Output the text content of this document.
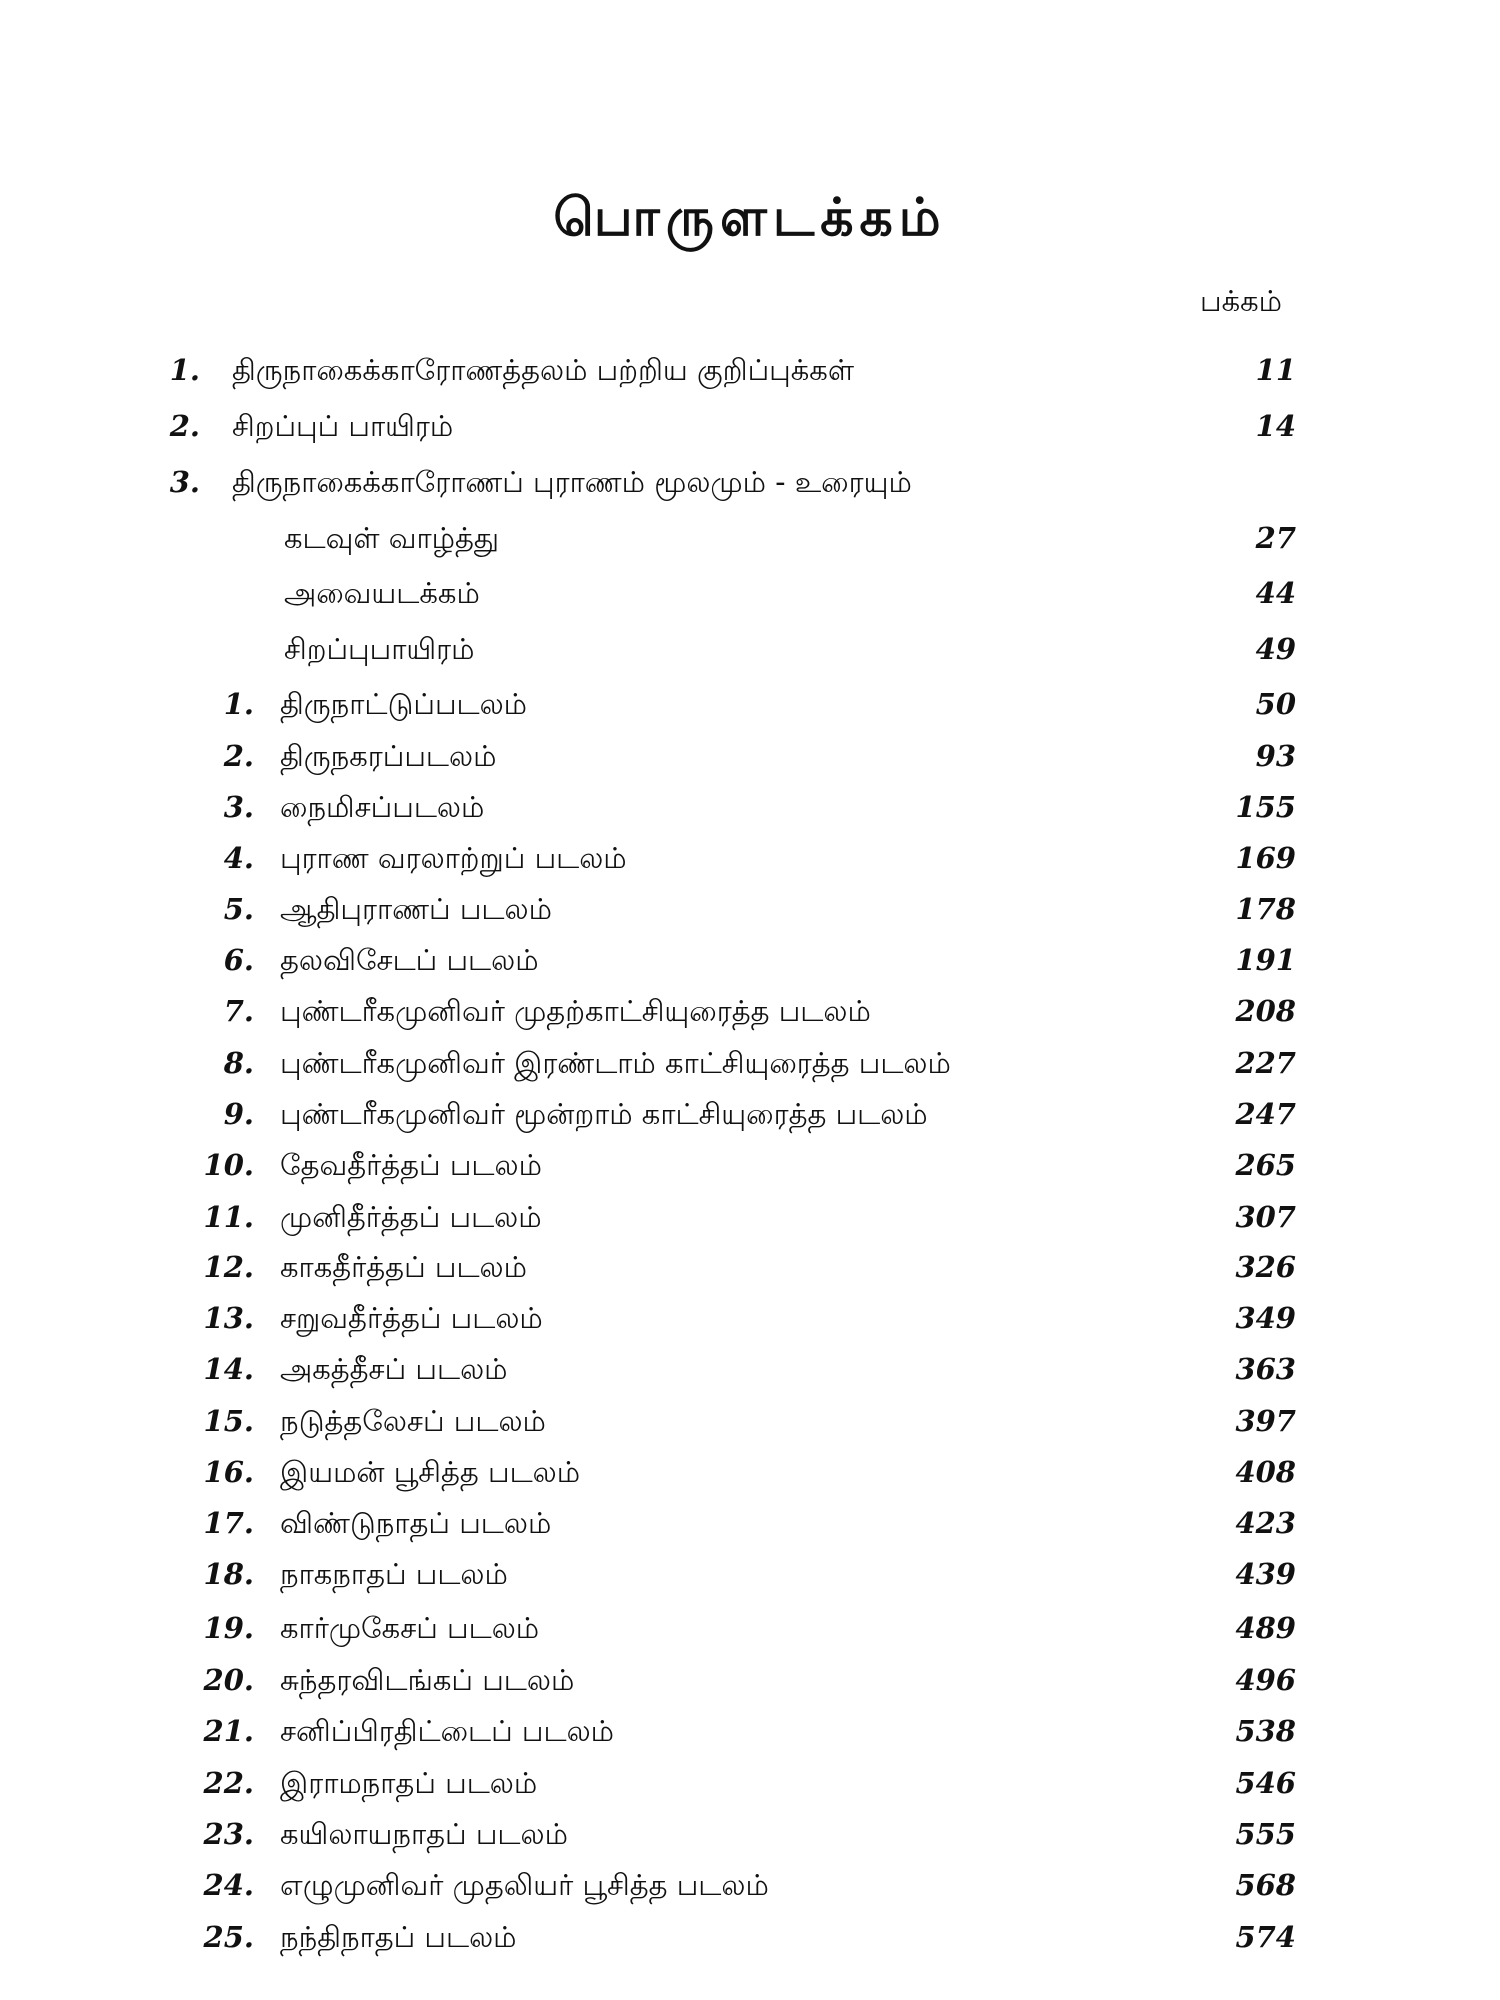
பொருளடக்கம்
பக்கம்
1. திருநாகைக்காரோணத்தலம் பற்றிய குறிப்புக்கள்	11
2. சிறப்புப் பாயிரம்	14
3. திருநாகைக்காரோணப் புராணம் மூலமும் - உரையும்
கடவுள் வாழ்த்து	27
அவையடக்கம்	44
சிறப்புபாயிரம்	49
1. திருநாட்டுப்படலம்	50
2. திருநகரப்படலம்	93
3. நைமிசப்படலம்	155
4. புராண வரலாற்றுப் படலம்	169
5. ஆதிபுராணப் படலம்	178
6. தலவிசேடப் படலம்	191
7. புண்டரீகமுனிவர் முதற்காட்சியுரைத்த படலம்	208
8. புண்டரீகமுனிவர் இரண்டாம் காட்சியுரைத்த படலம்	227
9. புண்டரீகமுனிவர் மூன்றாம் காட்சியுரைத்த படலம்	247
10. தேவதீர்த்தப் படலம்	265
11. முனிதீர்த்தப் படலம்	307
12. காகதீர்த்தப் படலம்	326
13. சறுவதீர்த்தப் படலம்	349
14. அகத்தீசப் படலம்	363
15. நடுத்தலேசப் படலம்	397
16. இயமன் பூசித்த படலம்	408
17. விண்டுநாதப் படலம்	423
18. நாகநாதப் படலம்	439
19. கார்முகேசப் படலம்	489
20. சுந்தரவிடங்கப் படலம்	496
21. சனிப்பிரதிட்டைப் படலம்	538
22. இராமநாதப் படலம்	546
23. கயிலாயநாதப் படலம்	555
24. எழுமுனிவர் முதலியர் பூசித்த படலம்	568
25. நந்திநாதப் படலம்	574
